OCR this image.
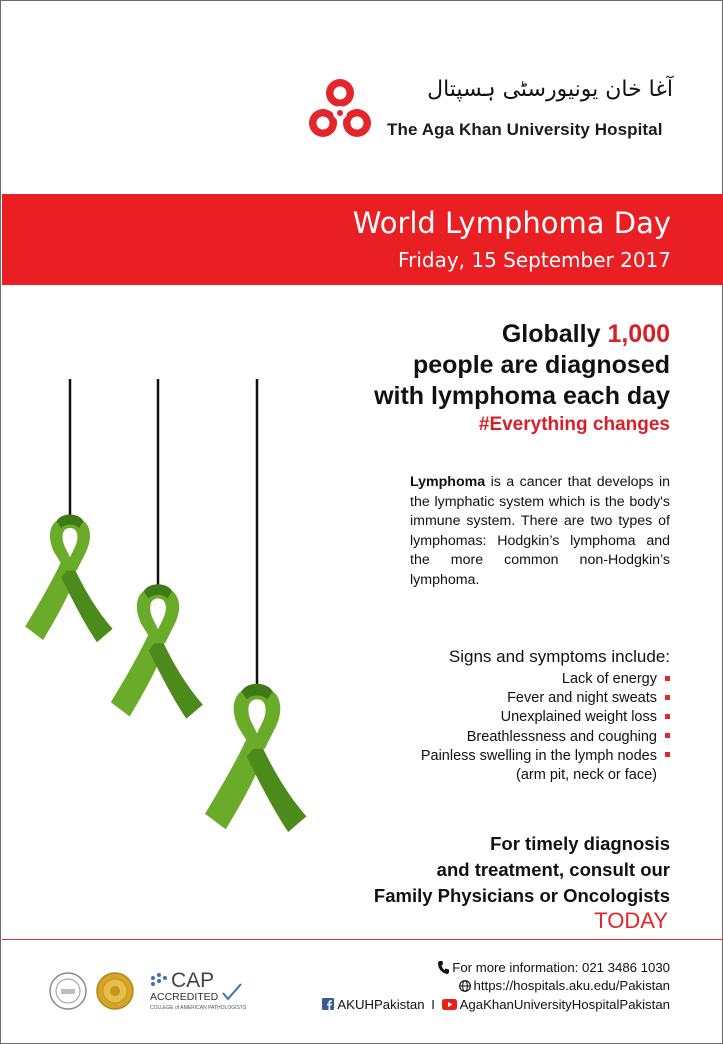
آغا خان یونیورسٹی ہسپتال
The Aga Khan University Hospital
World Lymphoma Day
Friday, 15 September 2017
Globally 1,000
people are diagnosed
with lymphoma each day
#Everything changes

Lymphoma is a cancer that develops in the lymphatic system which is the body's immune system. There are two types of lymphomas: Hodgkin’s lymphoma and the more common non-Hodgkin’s lymphoma.

Signs and symptoms include:
Lack of energy
Fever and night sweats
Unexplained weight loss
Breathlessness and coughing
Painless swelling in the lymph nodes
(arm pit, neck or face)
For timely diagnosis
and treatment, consult our
Family Physicians or Oncologists
TODAY
CAP
ACCREDITED
COLLEGE of AMERICAN PATHOLOGISTS
For more information: 021 3486 1030
https://hospitals.aku.edu/Pakistan
AKUHPakistan I AgaKhanUniversityHospitalPakistan
